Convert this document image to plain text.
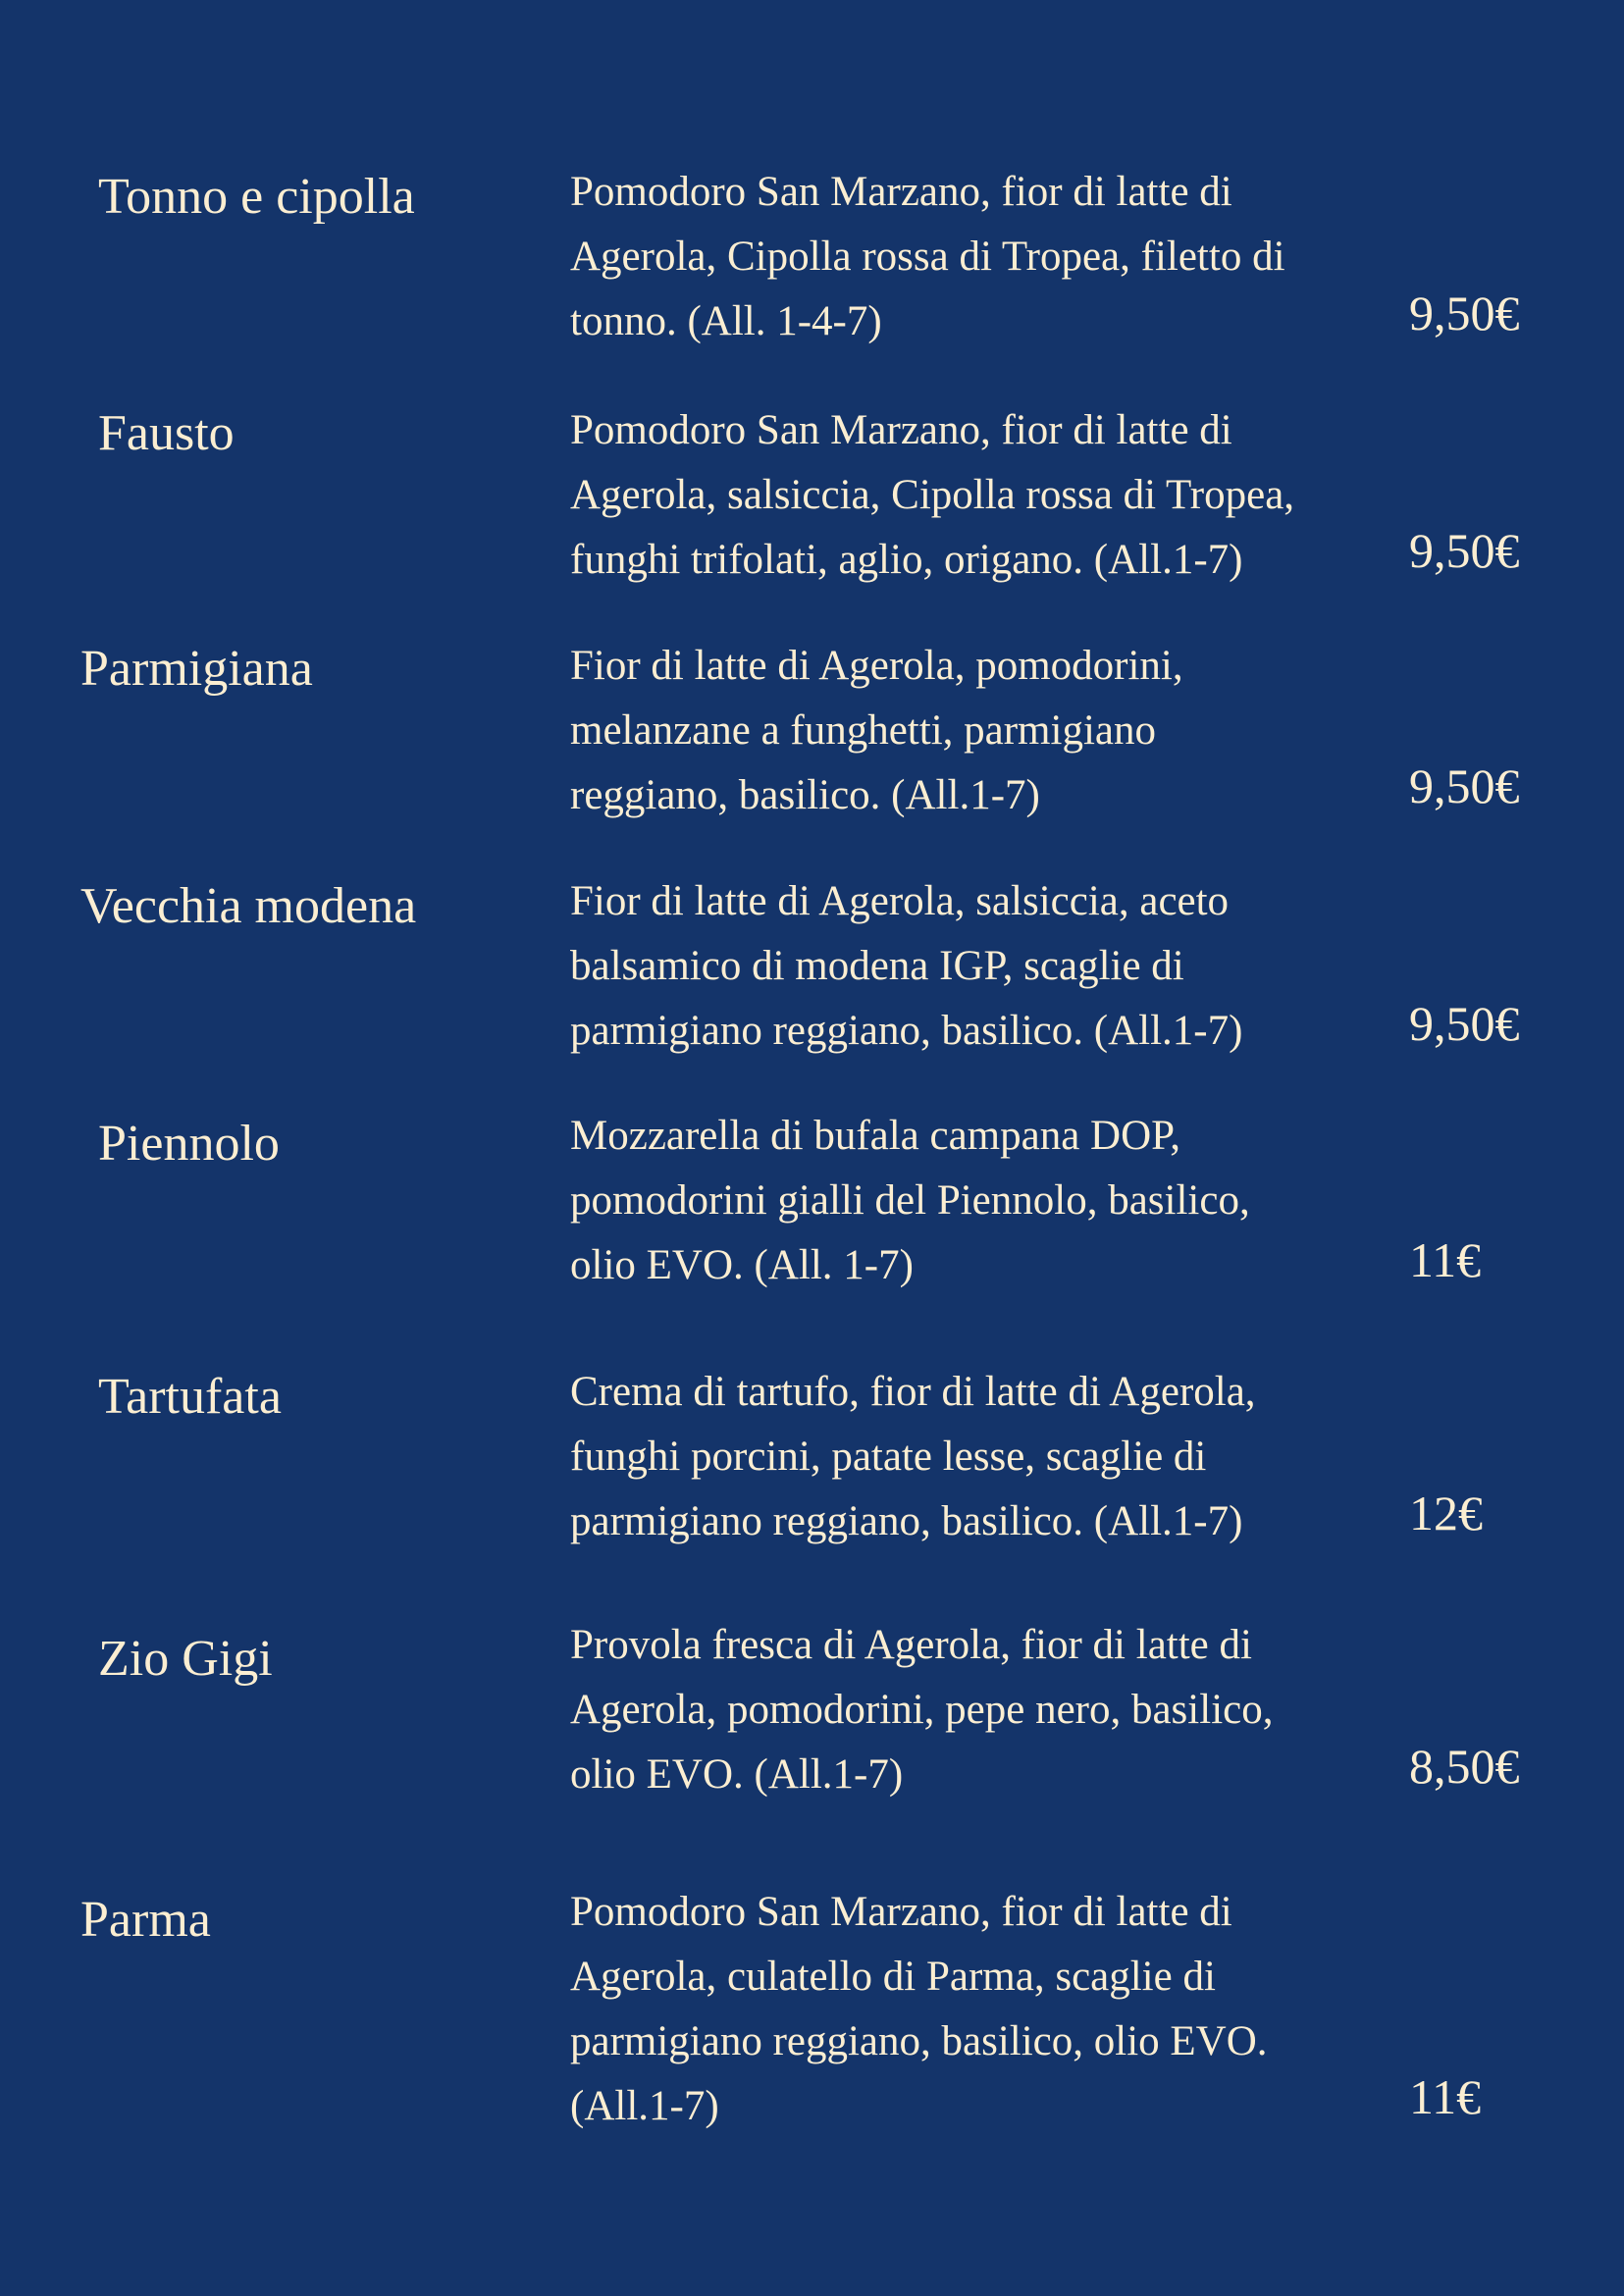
Tonno e cipolla	Pomodoro San Marzano, fior di latte di
Agerola, Cipolla rossa di Tropea, filetto di
tonno. (All. 1-4-7)	9,50€
Fausto	Pomodoro San Marzano, fior di latte di
Agerola, salsiccia, Cipolla rossa di Tropea,
funghi trifolati, aglio, origano. (All.1-7)	9,50€
Parmigiana	Fior di latte di Agerola, pomodorini,
melanzane a funghetti, parmigiano
reggiano, basilico. (All.1-7)	9,50€
Vecchia modena	Fior di latte di Agerola, salsiccia, aceto
balsamico di modena IGP, scaglie di
parmigiano reggiano, basilico. (All.1-7)	9,50€
Piennolo	Mozzarella di bufala campana DOP,
pomodorini gialli del Piennolo, basilico,
olio EVO. (All. 1-7)	11€
Tartufata	Crema di tartufo, fior di latte di Agerola,
funghi porcini, patate lesse, scaglie di
parmigiano reggiano, basilico. (All.1-7)	12€
Zio Gigi	Provola fresca di Agerola, fior di latte di
Agerola, pomodorini, pepe nero, basilico,
olio EVO. (All.1-7)	8,50€
Parma	Pomodoro San Marzano, fior di latte di
Agerola, culatello di Parma, scaglie di
parmigiano reggiano, basilico, olio EVO.
(All.1-7)	11€
